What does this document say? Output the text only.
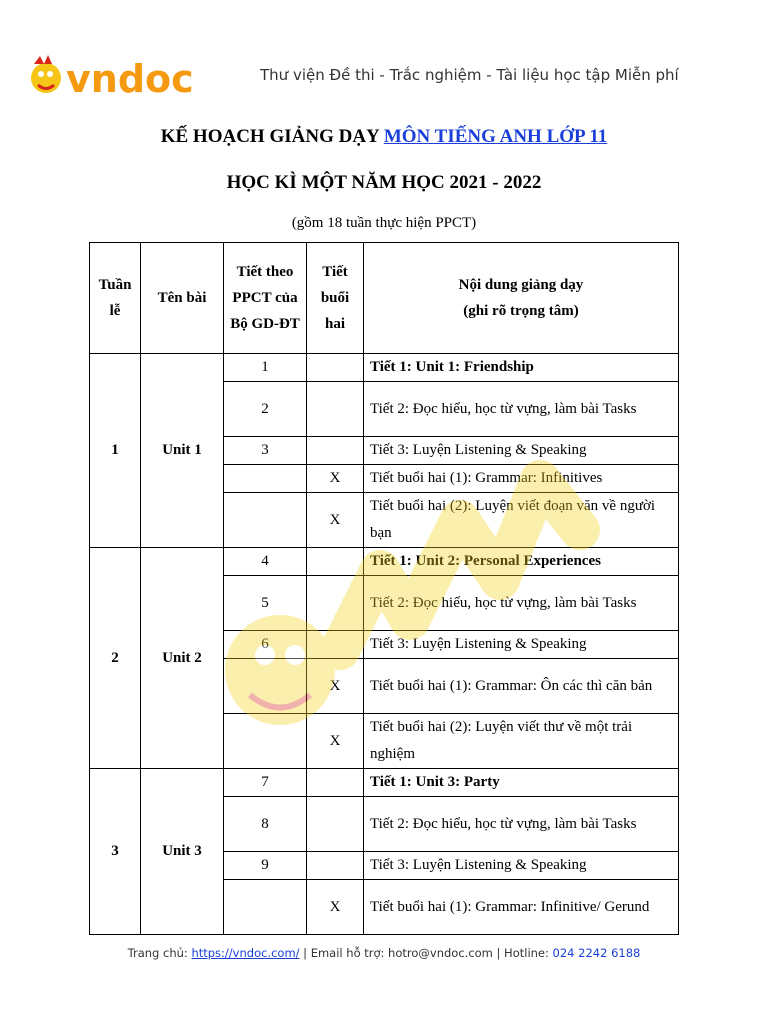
vndoc	Thư viện Đề thi - Trắc nghiệm - Tài liệu học tập Miễn phí
KẾ HOẠCH GIẢNG DẠY MÔN TIẾNG ANH LỚP 11
HỌC KÌ MỘT NĂM HỌC 2021 - 2022
(gồm 18 tuần thực hiện PPCT)
Tuần lễ	Tên bài	Tiết theo PPCT của Bộ GD-ĐT	Tiết buổi hai	Nội dung giảng dạy
(ghi rõ trọng tâm)

1	Unit 1	1		Tiết 1: Unit 1: Friendship
		2		Tiết 2: Đọc hiểu, học từ vựng, làm bài Tasks
		3		Tiết 3: Luyện Listening & Speaking
			X	Tiết buổi hai (1): Grammar: Infinitives
			X	Tiết buổi hai (2): Luyện viết đoạn văn về người bạn
2	Unit 2	4		Tiết 1: Unit 2: Personal Experiences
		5		Tiết 2: Đọc hiểu, học từ vựng, làm bài Tasks
		6		Tiết 3: Luyện Listening & Speaking
			X	Tiết buổi hai (1): Grammar: Ôn các thì căn bản
			X	Tiết buổi hai (2): Luyện viết thư về một trải nghiệm
3	Unit 3	7		Tiết 1: Unit 3: Party
		8		Tiết 2: Đọc hiểu, học từ vựng, làm bài Tasks
		9		Tiết 3: Luyện Listening & Speaking
			X	Tiết buổi hai (1): Grammar: Infinitive/ Gerund
Trang chủ: https://vndoc.com/ | Email hỗ trợ: hotro@vndoc.com | Hotline: 024 2242 6188
